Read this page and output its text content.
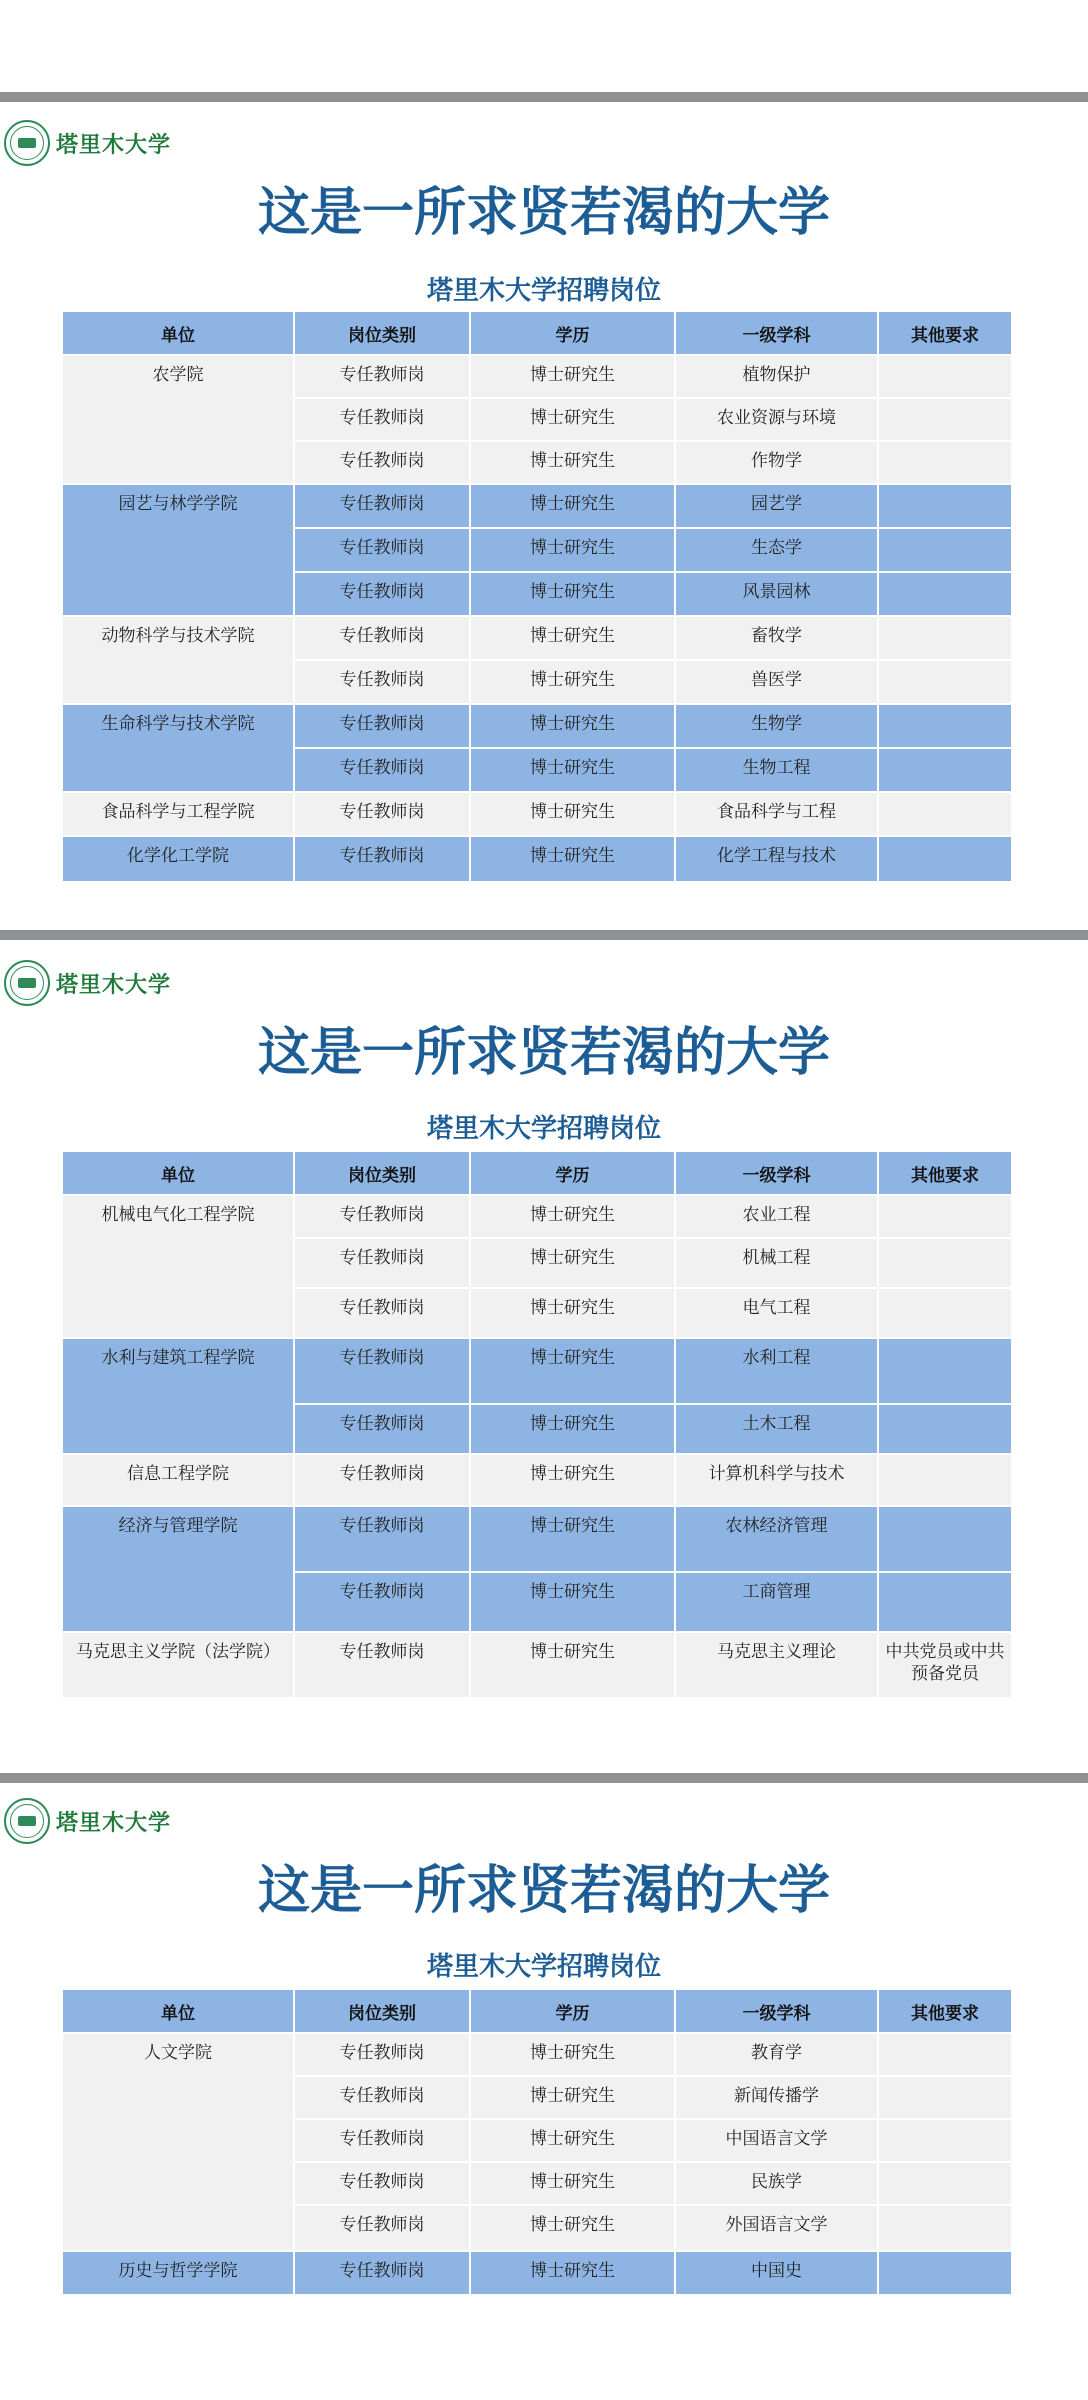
塔里木大学
这是一所求贤若渴的大学
塔里木大学招聘岗位
单位	岗位类别	学历	一级学科	其他要求
农学院	专任教师岗	博士研究生	植物保护	
	专任教师岗	博士研究生	农业资源与环境	
	专任教师岗	博士研究生	作物学	
园艺与林学学院	专任教师岗	博士研究生	园艺学	
	专任教师岗	博士研究生	生态学	
	专任教师岗	博士研究生	风景园林	
动物科学与技术学院	专任教师岗	博士研究生	畜牧学	
	专任教师岗	博士研究生	兽医学	
生命科学与技术学院	专任教师岗	博士研究生	生物学	
	专任教师岗	博士研究生	生物工程	
食品科学与工程学院	专任教师岗	博士研究生	食品科学与工程	
化学化工学院	专任教师岗	博士研究生	化学工程与技术	
塔里木大学
这是一所求贤若渴的大学
塔里木大学招聘岗位
单位	岗位类别	学历	一级学科	其他要求
机械电气化工程学院	专任教师岗	博士研究生	农业工程	
	专任教师岗	博士研究生	机械工程	
	专任教师岗	博士研究生	电气工程	
水利与建筑工程学院	专任教师岗	博士研究生	水利工程	
	专任教师岗	博士研究生	土木工程	
信息工程学院	专任教师岗	博士研究生	计算机科学与技术	
经济与管理学院	专任教师岗	博士研究生	农林经济管理	
	专任教师岗	博士研究生	工商管理	
马克思主义学院（法学院）	专任教师岗	博士研究生	马克思主义理论	中共党员或中共预备党员
塔里木大学
这是一所求贤若渴的大学
塔里木大学招聘岗位
单位	岗位类别	学历	一级学科	其他要求
人文学院	专任教师岗	博士研究生	教育学	
	专任教师岗	博士研究生	新闻传播学	
	专任教师岗	博士研究生	中国语言文学	
	专任教师岗	博士研究生	民族学	
	专任教师岗	博士研究生	外国语言文学	
历史与哲学学院	专任教师岗	博士研究生	中国史	
